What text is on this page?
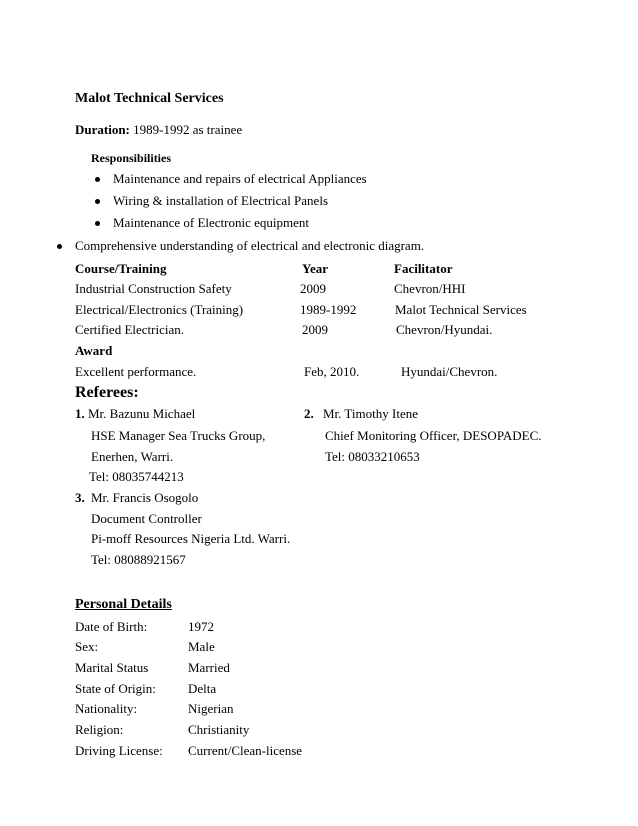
Malot Technical Services
Duration: 1989-1992 as trainee
Responsibilities
Maintenance and repairs of electrical Appliances
Wiring & installation of Electrical Panels
Maintenance of Electronic equipment
Comprehensive understanding of electrical and electronic diagram.
Course/Training	Year	Facilitator
Industrial Construction Safety	2009	Chevron/HHI
Electrical/Electronics (Training)	1989-1992	Malot Technical Services
Certified Electrician.	2009	Chevron/Hyundai.
Award
Excellent performance.	Feb, 2010.	Hyundai/Chevron.
Referees:
1. Mr. Bazunu Michael
HSE Manager Sea Trucks Group,
Enerhen, Warri.
Tel: 08035744213
2. Mr. Timothy Itene
Chief Monitoring Officer, DESOPADEC.
Tel: 08033210653
3. Mr. Francis Osogolo
Document Controller
Pi-moff Resources Nigeria Ltd. Warri.
Tel: 08088921567
Personal Details
Date of Birth:	1972
Sex:	Male
Marital Status	Married
State of Origin: Delta
Nationality:	Nigerian
Religion:	Christianity
Driving License: Current/Clean-license
